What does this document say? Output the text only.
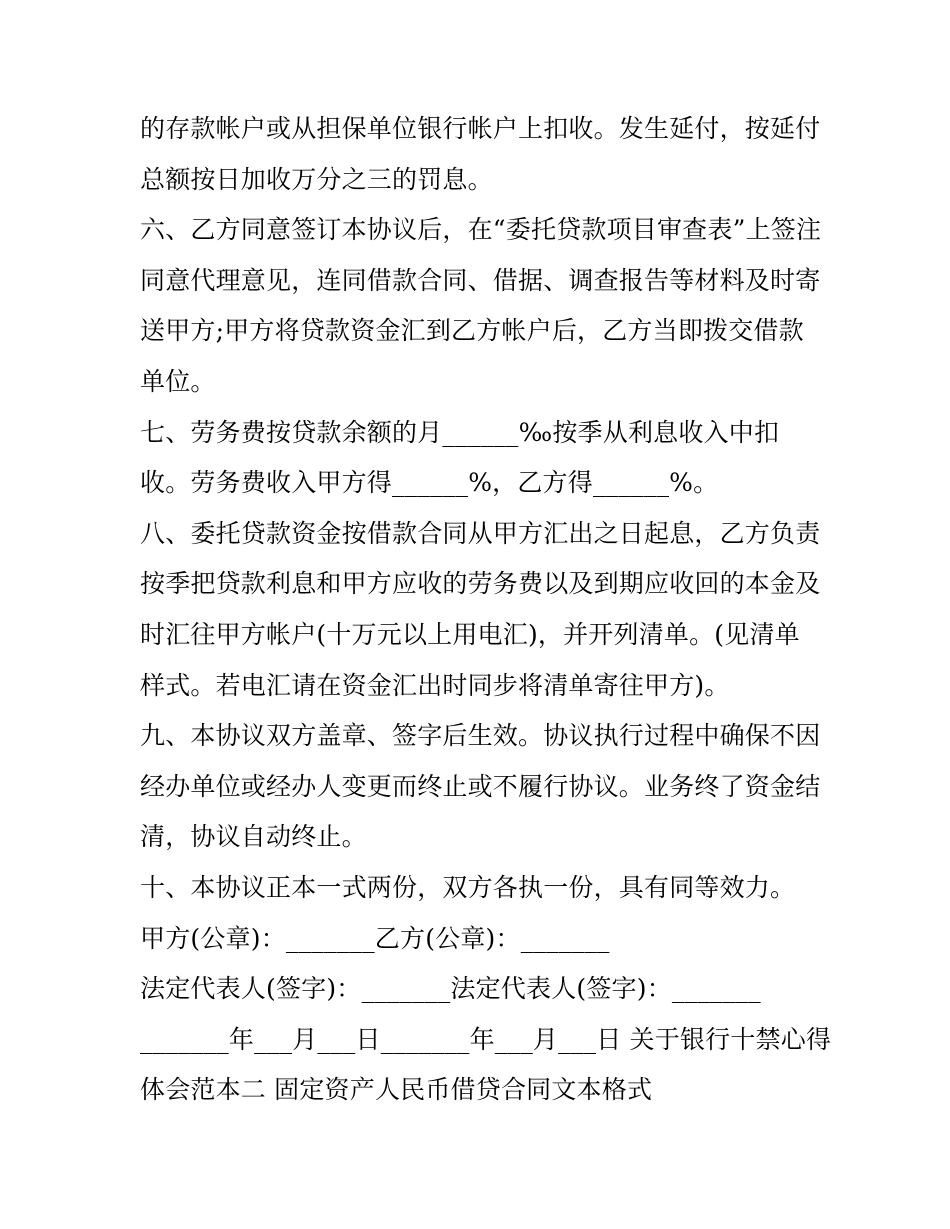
的存款帐户或从担保单位银行帐户上扣收。发生延付，按延付
总额按日加收万分之三的罚息。
六、乙方同意签订本协议后，在“委托贷款项目审查表”上签注
同意代理意见，连同借款合同、借据、调查报告等材料及时寄
送甲方;甲方将贷款资金汇到乙方帐户后，乙方当即拨交借款
单位。
七、劳务费按贷款余额的月______‰按季从利息收入中扣
收。劳务费收入甲方得______%，乙方得______%。
八、委托贷款资金按借款合同从甲方汇出之日起息，乙方负责
按季把贷款利息和甲方应收的劳务费以及到期应收回的本金及
时汇往甲方帐户(十万元以上用电汇)，并开列清单。(见清单
样式。若电汇请在资金汇出时同步将清单寄往甲方)。
九、本协议双方盖章、签字后生效。协议执行过程中确保不因
经办单位或经办人变更而终止或不履行协议。业务终了资金结
清，协议自动终止。
十、本协议正本一式两份，双方各执一份，具有同等效力。
甲方(公章)：_______乙方(公章)：_______
法定代表人(签字)：_______法定代表人(签字)：_______
_______年___月___日_______年___月___日 关于银行十禁心得
体会范本二 固定资产人民币借贷合同文本格式
